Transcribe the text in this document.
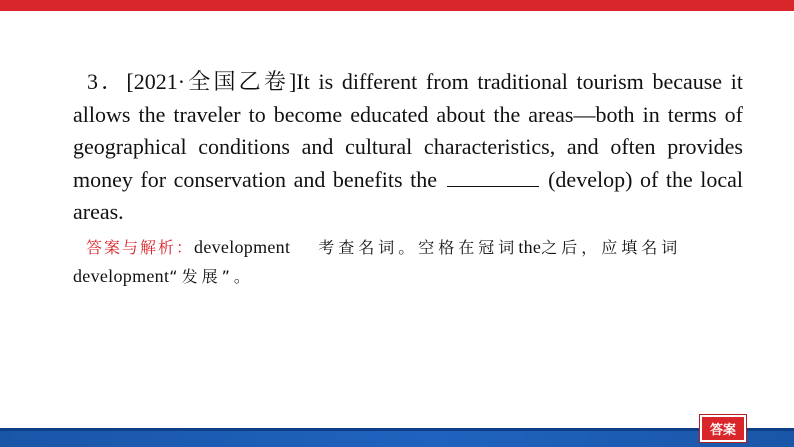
3．[2021·全国乙卷]It is different from traditional tourism because it allows the traveler to become educated about the areas—both in terms of geographical conditions and cultural characteristics, and often provides money for conservation and benefits the	(develop) of the local areas.

答案与解析：development 考查名词。空格在冠词the之后，应填名词
development“发展”。

答案
